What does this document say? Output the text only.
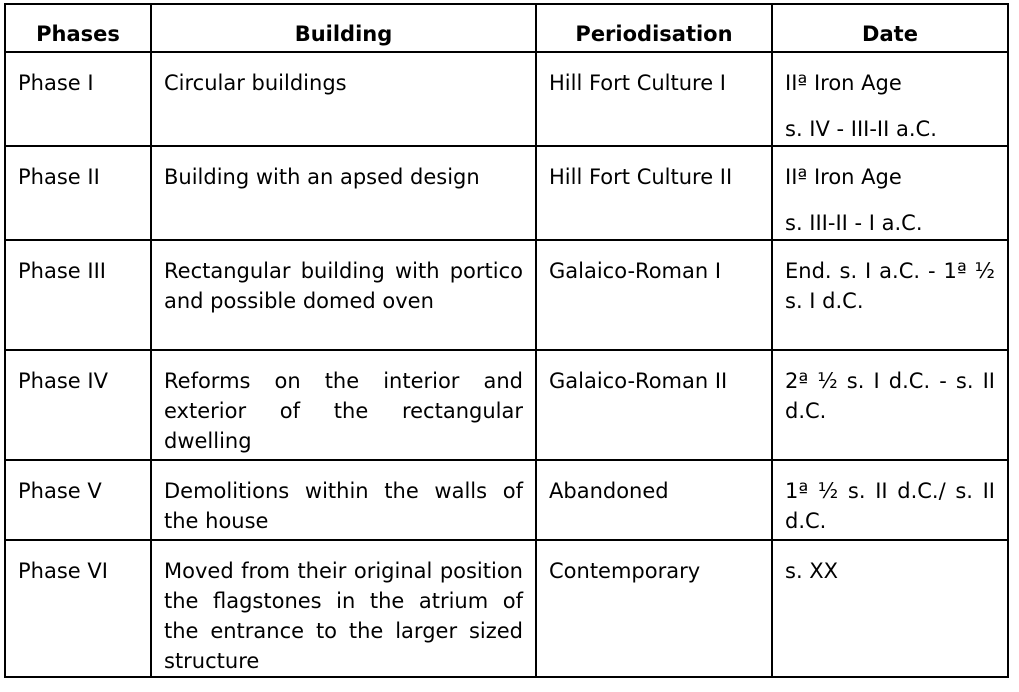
Phases	Building	Periodisation	Date

Phase I	Circular buildings	Hill Fort Culture I	IIª Iron Age
s. IV - III-II a.C.

Phase II	Building with an apsed design	Hill Fort Culture II	IIª Iron Age
s. III-II - I a.C.

Phase III	Rectangular building with portico and possible domed oven	Galaico-Roman I	End. s. I a.C. - 1ª ½ s. I d.C.

Phase IV	Reforms on the interior and exterior of the rectangular dwelling	Galaico-Roman II	2ª ½ s. I d.C. - s. II d.C.

Phase V	Demolitions within the walls of the house	Abandoned	1ª ½ s. II d.C./ s. II d.C.

Phase VI	Moved from their original position the flagstones in the atrium of the entrance to the larger sized structure	Contemporary	s. XX
